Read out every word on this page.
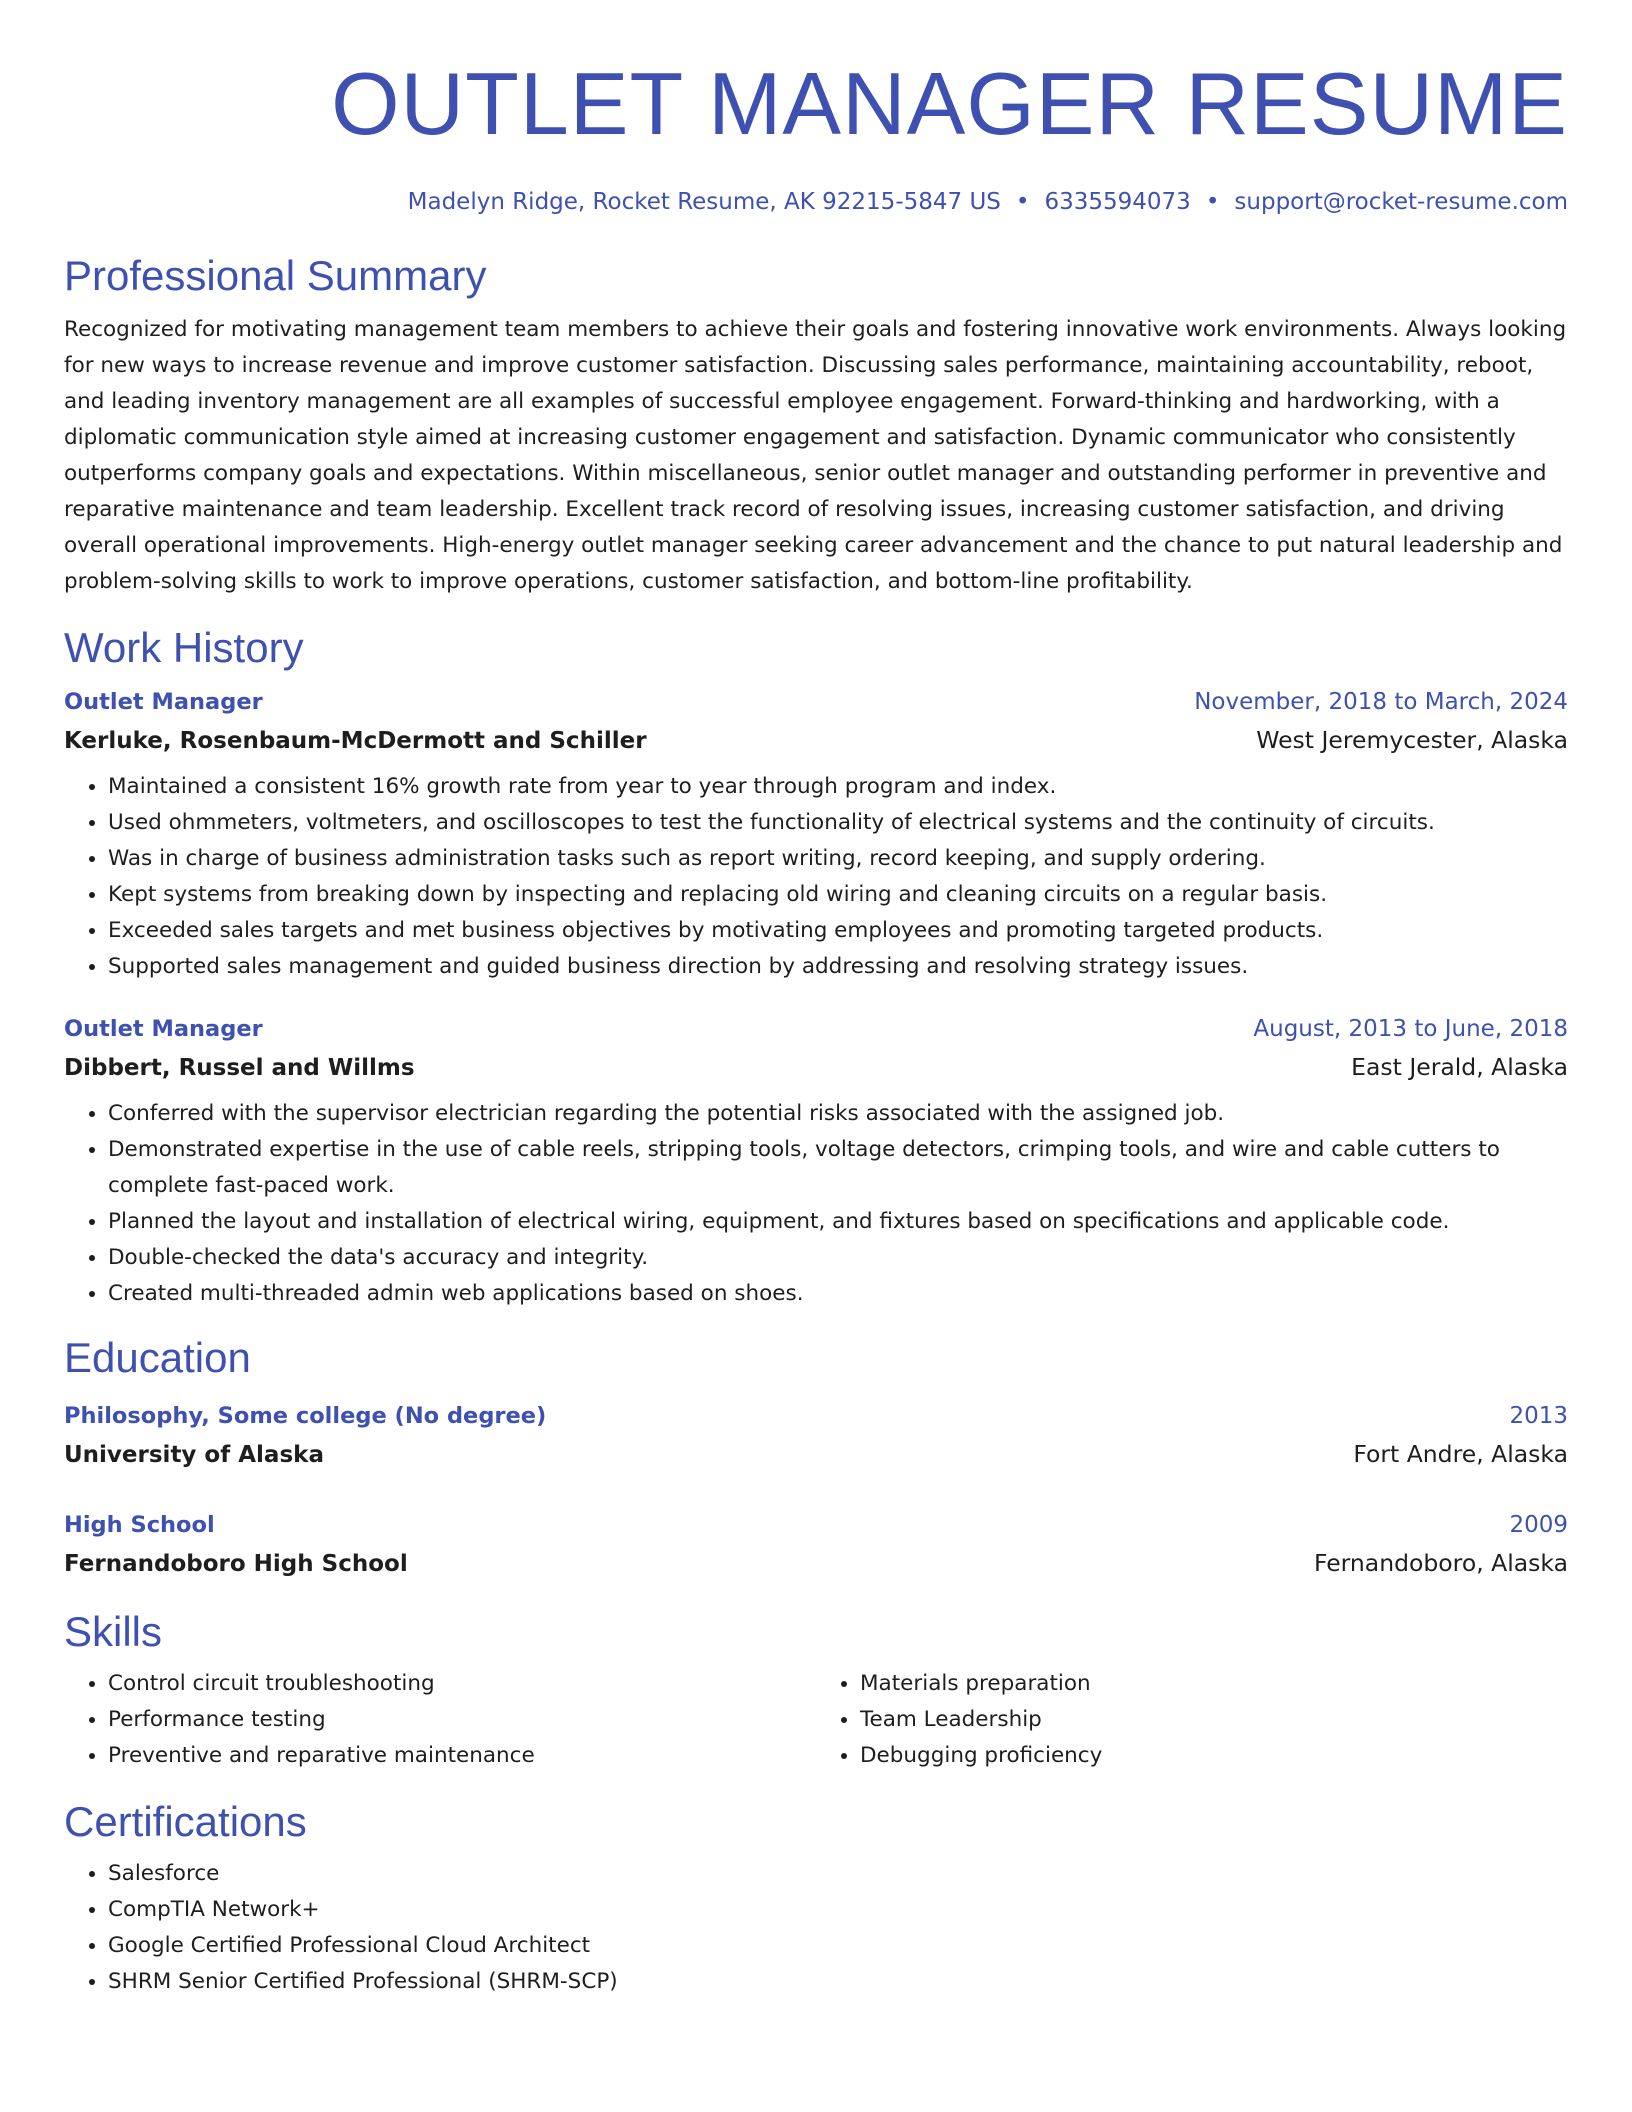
OUTLET MANAGER RESUME
Madelyn Ridge, Rocket Resume, AK 92215-5847 US • 6335594073 • support@rocket-resume.com
Professional Summary

Recognized for motivating management team members to achieve their goals and fostering innovative work environments. Always looking for new ways to increase revenue and improve customer satisfaction. Discussing sales performance, maintaining accountability, reboot, and leading inventory management are all examples of successful employee engagement. Forward-thinking and hardworking, with a diplomatic communication style aimed at increasing customer engagement and satisfaction. Dynamic communicator who consistently outperforms company goals and expectations. Within miscellaneous, senior outlet manager and outstanding performer in preventive and reparative maintenance and team leadership. Excellent track record of resolving issues, increasing customer satisfaction, and driving overall operational improvements. High-energy outlet manager seeking career advancement and the chance to put natural leadership and problem-solving skills to work to improve operations, customer satisfaction, and bottom-line profitability.

Work History
Outlet Manager	November, 2018 to March, 2024
Kerluke, Rosenbaum-McDermott and Schiller	West Jeremycester, Alaska
• Maintained a consistent 16% growth rate from year to year through program and index.
• Used ohmmeters, voltmeters, and oscilloscopes to test the functionality of electrical systems and the continuity of circuits.
• Was in charge of business administration tasks such as report writing, record keeping, and supply ordering.
• Kept systems from breaking down by inspecting and replacing old wiring and cleaning circuits on a regular basis.
• Exceeded sales targets and met business objectives by motivating employees and promoting targeted products.
• Supported sales management and guided business direction by addressing and resolving strategy issues.
Outlet Manager	August, 2013 to June, 2018
Dibbert, Russel and Willms	East Jerald, Alaska
• Conferred with the supervisor electrician regarding the potential risks associated with the assigned job.
• Demonstrated expertise in the use of cable reels, stripping tools, voltage detectors, crimping tools, and wire and cable cutters to complete fast-paced work.
• Planned the layout and installation of electrical wiring, equipment, and fixtures based on specifications and applicable code.
• Double-checked the data's accuracy and integrity.
• Created multi-threaded admin web applications based on shoes.
Education
Philosophy, Some college (No degree)	2013
University of Alaska	Fort Andre, Alaska
High School	2009
Fernandoboro High School	Fernandoboro, Alaska
Skills
• Control circuit troubleshooting
• Performance testing
• Preventive and reparative maintenance
• Materials preparation
• Team Leadership
• Debugging proficiency
Certifications
• Salesforce
• CompTIA Network+
• Google Certified Professional Cloud Architect
• SHRM Senior Certified Professional (SHRM-SCP)
